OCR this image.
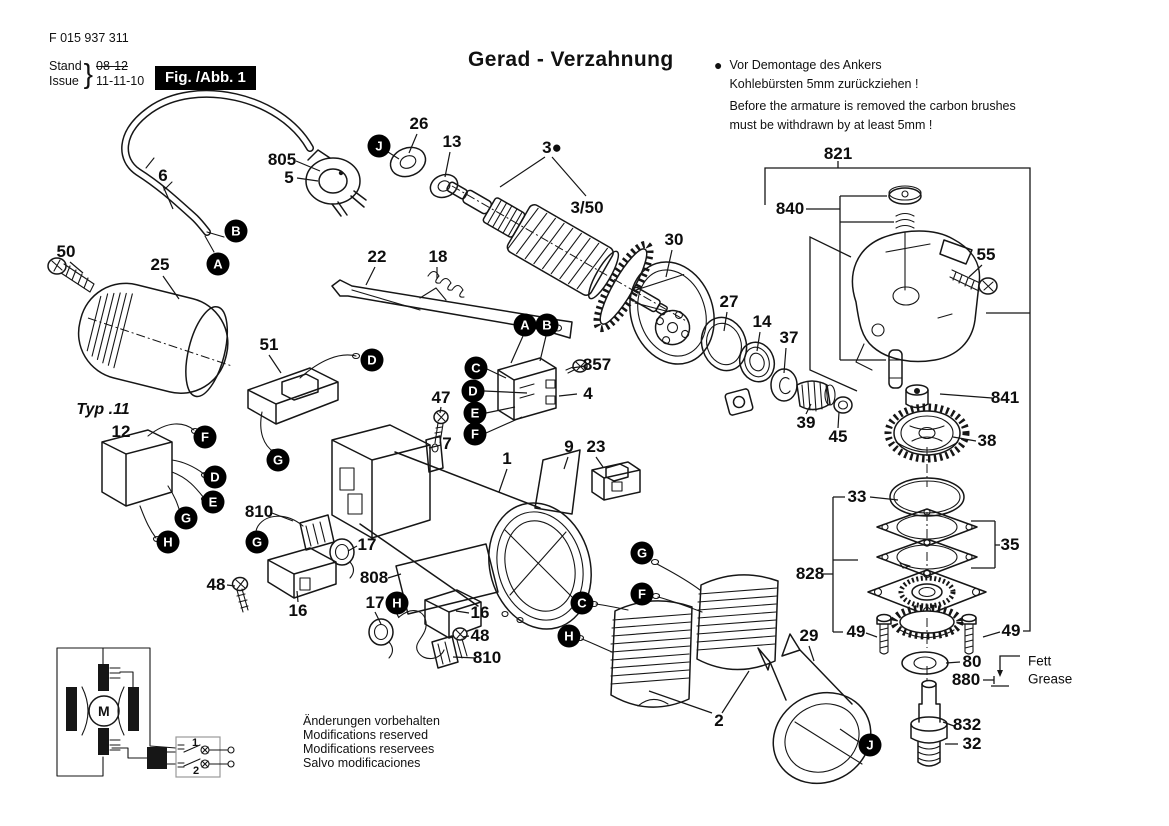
M
1
2
6
50
25
805
5
26
13	3●
3/50
22 18
30
27
14
37
39
45
857
4
47
7
51
Typ .11
12
810
48
16
17
808
17
16
48
810
1
9 23
2
29
821
840
55
841
38
33
35
828
49	49
80
880
Fett
Grease
832
32
J
B
A
A B
C
D
E
F
D
G
F
D
E
G
H	G
H
G
F
C
H
J
F 015 937 311
Stand
Issue } 08-12
11-11-10	Fig. /Abb. 1
Gerad - Verzahnung	● Vor Demontage des Ankers
Kohlebürsten 5mm zurückziehen !
Before the armature is removed the carbon brushes
must be withdrawn by at least 5mm !
Änderungen vorbehalten
Modifications reserved
Modifications reservees
Salvo modificaciones
